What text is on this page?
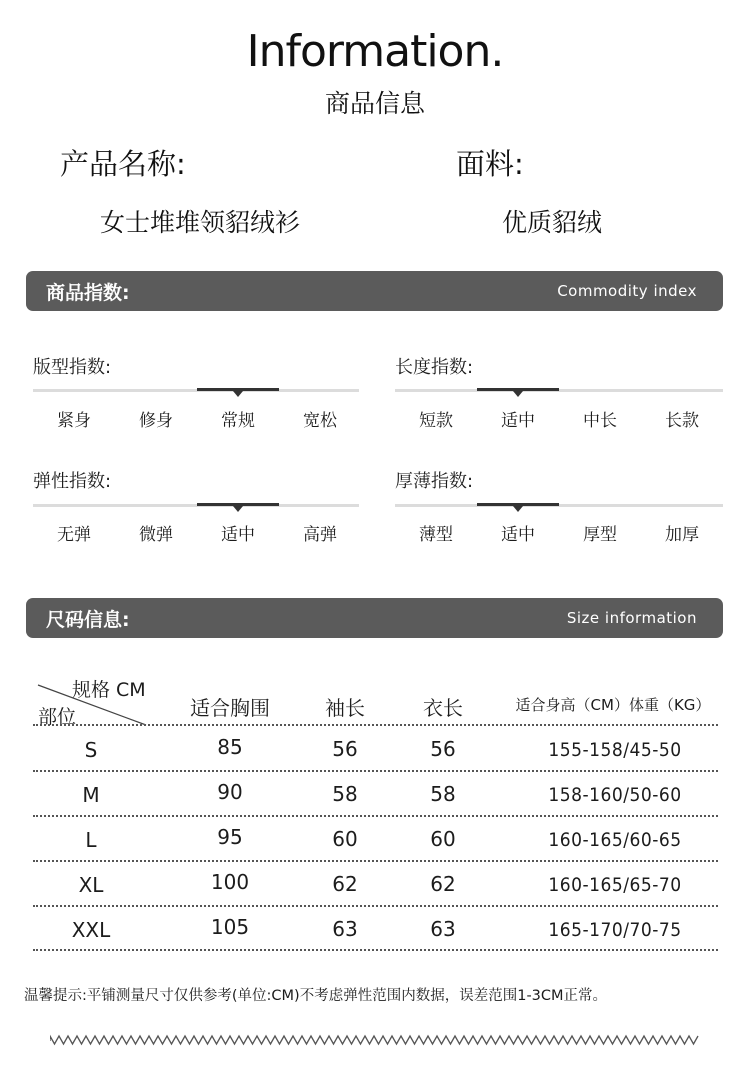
Information.
商品信息
产品名称:	面料:
女士堆堆领貂绒衫	优质貂绒
商品指数:	Commodity index
版型指数:
紧身	修身	常规	宽松
长度指数:
短款	适中	中长	长款
弹性指数:
无弹	微弹	适中	高弹
厚薄指数:
薄型	适中	厚型	加厚
尺码信息:	Size information
规格 CM
部位	适合胸围	袖长	衣长	适合身高（CM）体重（KG）
S	85	56	56	155-158/45-50
M	90	58	58	158-160/50-60
L	95	60	60	160-165/60-65
XL	100	62	62	160-165/65-70
XXL	105	63	63	165-170/70-75
温馨提示:平铺测量尺寸仅供参考(单位:CM)不考虑弹性范围内数据，误差范围1-3CM正常。
